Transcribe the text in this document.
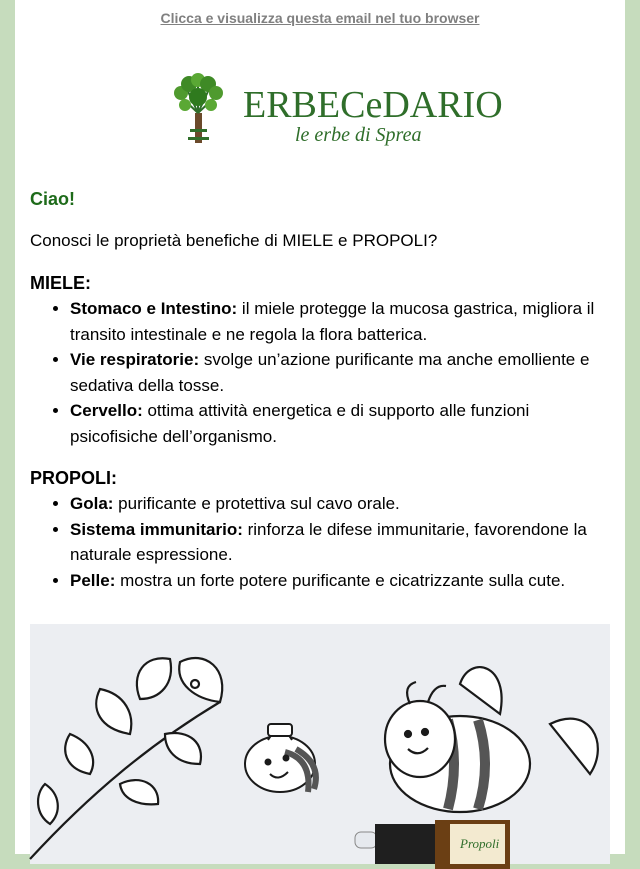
Clicca e visualizza questa email nel tuo browser
ERBECeDARIO
le erbe di Sprea

Ciao!

Conosci le proprietà benefiche di MIELE e PROPOLI?

MIELE:

• Stomaco e Intestino: il miele protegge la mucosa gastrica, migliora il transito intestinale e ne regola la flora batterica.
• Vie respiratorie: svolge un’azione purificante ma anche emolliente e sedativa della tosse.
• Cervello: ottima attività energetica e di supporto alle funzioni psicofisiche dell’organismo.

PROPOLI:

• Gola: purificante e protettiva sul cavo orale.
• Sistema immunitario: rinforza le difese immunitarie, favorendone la naturale espressione.
• Pelle: mostra un forte potere purificante e cicatrizzante sulla cute.
Propoli
